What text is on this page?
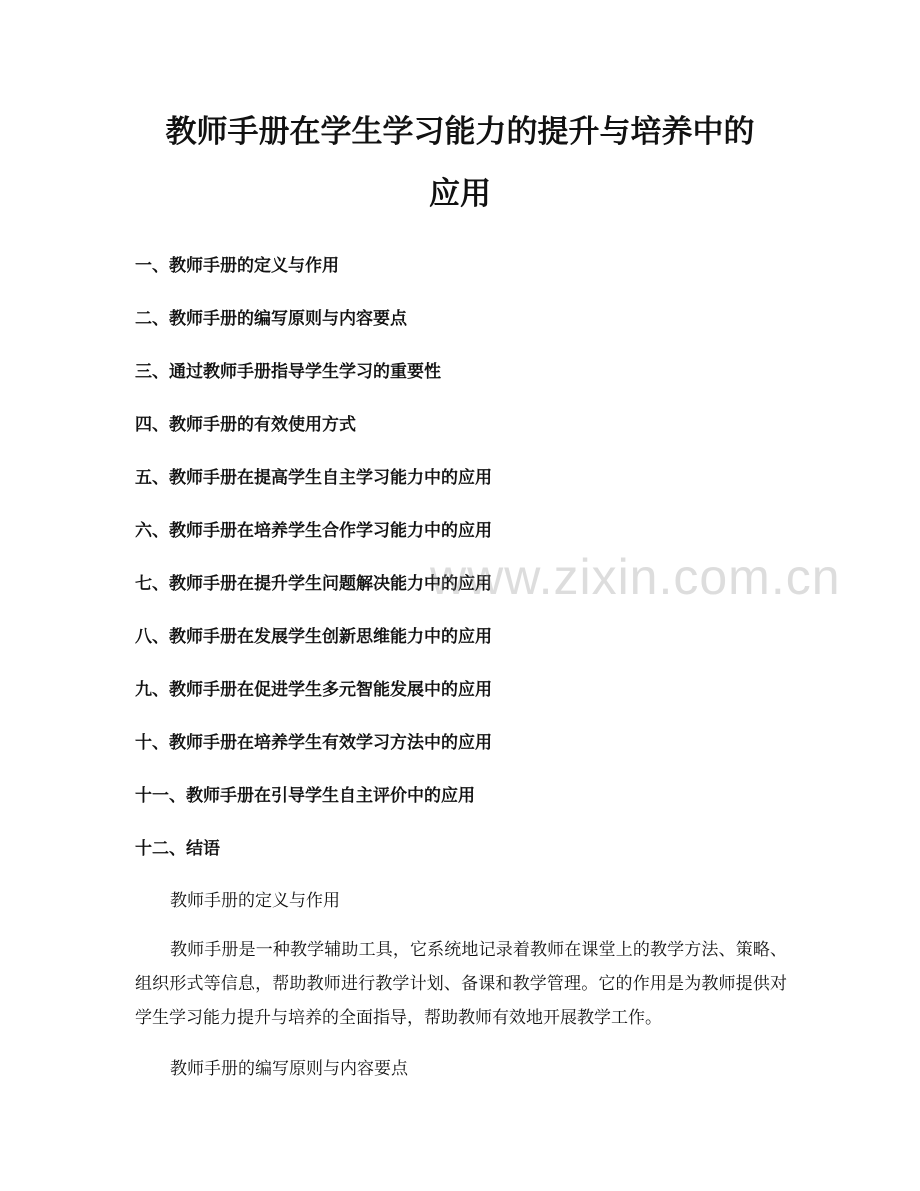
教师手册在学生学习能力的提升与培养中的
应用
一、教师手册的定义与作用
二、教师手册的编写原则与内容要点
三、通过教师手册指导学生学习的重要性
四、教师手册的有效使用方式
五、教师手册在提高学生自主学习能力中的应用
六、教师手册在培养学生合作学习能力中的应用
七、教师手册在提升学生问题解决能力中的应用
八、教师手册在发展学生创新思维能力中的应用
九、教师手册在促进学生多元智能发展中的应用
十、教师手册在培养学生有效学习方法中的应用
十一、教师手册在引导学生自主评价中的应用
十二、结语
www.zixin.com.cn
教师手册的定义与作用

教师手册是一种教学辅助工具，它系统地记录着教师在课堂上的教学方法、策略、组织形式等信息，帮助教师进行教学计划、备课和教学管理。它的作用是为教师提供对学生学习能力提升与培养的全面指导，帮助教师有效地开展教学工作。

教师手册的编写原则与内容要点
